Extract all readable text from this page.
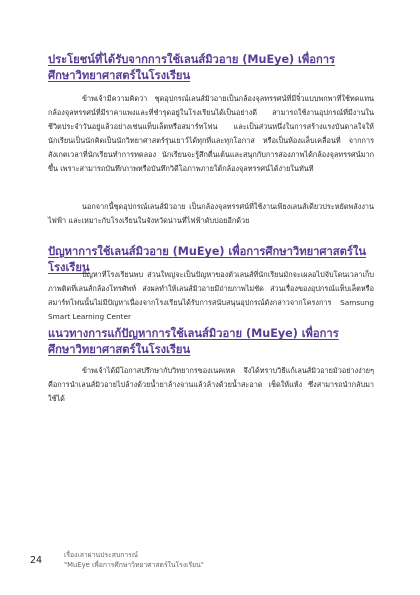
ประโยชน์ที่ได้รับจากการใช้เลนส์มิวอาย (MuEye) เพื่อการศึกษาวิทยาศาสตร์ในโรงเรียน

ข้าพเจ้ามีความคิดว่า ชุดอุปกรณ์เลนส์มิวอายเป็นกล้องจุลทรรศน์ที่มีจิ๋วแบบพกพาที่ใช้ทดแทนกล้องจุลทรรศน์ที่มีราคาแพงและที่ชำรุดอยู่ในโรงเรียนได้เป็นอย่างดี สามารถใช้งานอุปกรณ์ที่มีงานในชีวิตประจำวันอยู่แล้วอย่างเช่นแท็บเล็ตหรือสมาร์ทโฟน และเป็นส่วนหนึ่งในการสร้างแรงบันดาลใจให้นักเรียนเป็นนักคิดเป็นนักวิทยาศาสตร์รุ่นเยาว์ได้ทุกที่และทุกโอกาส หรือเป็นห้องแล็บเคลื่อนที่ จากการสังเกตเวลาที่นักเรียนทำการทดลอง นักเรียนจะรู้สึกตื่นเต้นและสนุกกับการส่องภาพได้กล้องจุลทรรศน์มากขึ้น เพราะสามารถบันทึกภาพหรือบันทึกวิดีโอภาพภายใต้กล้องจุลทรรศน์ได้ง่ายในทันที

นอกจากนี้ชุดอุปกรณ์เลนส์มิวอาย เป็นกล้องจุลทรรศน์ที่ใช้งานเพียงเลนส์เดียวประหยัดพลังงานไฟฟ้า และเหมาะกับโรงเรียนในจังหวัดน่านที่ไฟฟ้าดับบ่อยอีกด้วย

ปัญหาการใช้เลนส์มิวอาย (MuEye) เพื่อการศึกษาวิทยาศาสตร์ในโรงเรียน

ปัญหาที่โรงเรียนพบ ส่วนใหญ่จะเป็นปัญหาของตัวเลนส์ที่นักเรียนมักจะเผลอไปจับโดนเวลาเก็บภาพติดที่เลนส์กล้องโทรศัพท์ ส่งผลทำให้เลนส์มิวอายมีถ่ายภาพไม่ชัด ส่วนเรื่องของอุปกรณ์แท็บเล็ตหรือสมาร์ทโฟนนั้นไม่มีปัญหาเนื่องจากโรงเรียนได้รับการสนับสนุนอุปกรณ์ดังกล่าวจากโครงการ Samsung Smart Learning Center

แนวทางการแก้ปัญหาการใช้เลนส์มิวอาย (MuEye) เพื่อการศึกษาวิทยาศาสตร์ในโรงเรียน

ข้าพเจ้าได้มีโอกาสปรึกษากับวิทยากรของเนคเทค จึงได้ทราบวิธีแก้เลนส์มิวอายมัวอย่างง่ายๆ คือการนำเลนส์มิวอายไปล้างด้วยน้ำยาล้างจานแล้วล้างด้วยน้ำสะอาด เช็ดให้แห้ง ซึ่งสามารถนำกลับมาใช้ได้

24	เรื่องเล่าผ่านประสบการณ์
"MuEye เพื่อการศึกษาวิทยาศาสตร์ในโรงเรียน"
